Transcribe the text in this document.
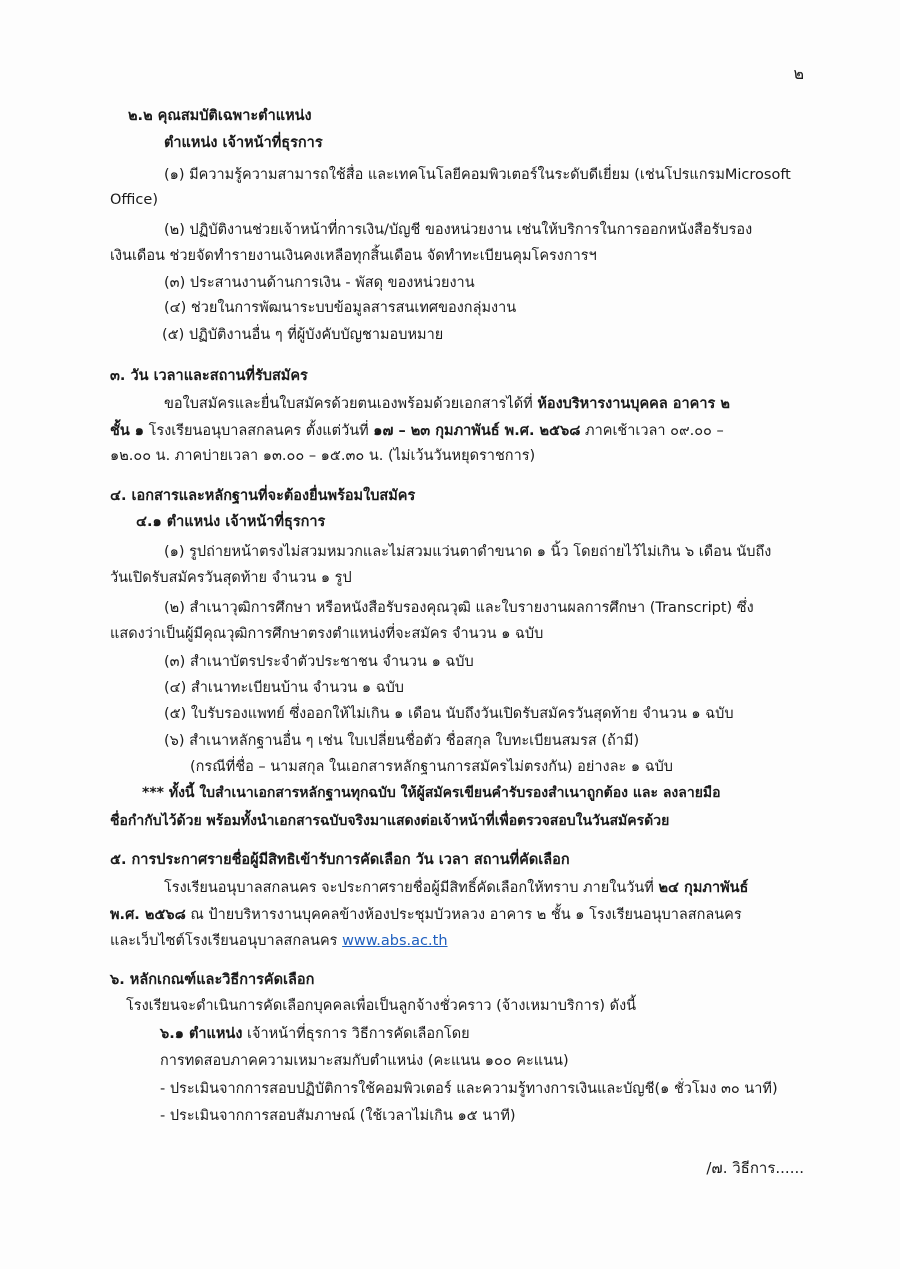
๒
๒.๒ คุณสมบัติเฉพาะตำแหน่ง
ตำแหน่ง เจ้าหน้าที่ธุรการ
(๑) มีความรู้ความสามารถใช้สื่อ และเทคโนโลยีคอมพิวเตอร์ในระดับดีเยี่ยม (เช่นโปรแกรมMicrosoft
Office)
(๒) ปฏิบัติงานช่วยเจ้าหน้าที่การเงิน/บัญชี ของหน่วยงาน เช่นให้บริการในการออกหนังสือรับรอง
เงินเดือน ช่วยจัดทำรายงานเงินคงเหลือทุกสิ้นเดือน จัดทำทะเบียนคุมโครงการฯ
(๓) ประสานงานด้านการเงิน - พัสดุ ของหน่วยงาน
(๔) ช่วยในการพัฒนาระบบข้อมูลสารสนเทศของกลุ่มงาน
(๕) ปฏิบัติงานอื่น ๆ ที่ผู้บังคับบัญชามอบหมาย
๓. วัน เวลาและสถานที่รับสมัคร
ขอใบสมัครและยื่นใบสมัครด้วยตนเองพร้อมด้วยเอกสารได้ที่ ห้องบริหารงานบุคคล อาคาร ๒
ชั้น ๑ โรงเรียนอนุบาลสกลนคร ตั้งแต่วันที่ ๑๗ – ๒๓ กุมภาพันธ์ พ.ศ. ๒๕๖๘ ภาคเช้าเวลา ๐๙.๐๐ –
๑๒.๐๐ น. ภาคบ่ายเวลา ๑๓.๐๐ – ๑๕.๓๐ น. (ไม่เว้นวันหยุดราชการ)
๔. เอกสารและหลักฐานที่จะต้องยื่นพร้อมใบสมัคร
๔.๑ ตำแหน่ง เจ้าหน้าที่ธุรการ
(๑) รูปถ่ายหน้าตรงไม่สวมหมวกและไม่สวมแว่นตาดำขนาด ๑ นิ้ว โดยถ่ายไว้ไม่เกิน ๖ เดือน นับถึง
วันเปิดรับสมัครวันสุดท้าย จำนวน ๑ รูป
(๒) สำเนาวุฒิการศึกษา หรือหนังสือรับรองคุณวุฒิ และใบรายงานผลการศึกษา (Transcript) ซึ่ง
แสดงว่าเป็นผู้มีคุณวุฒิการศึกษาตรงตำแหน่งที่จะสมัคร จำนวน ๑ ฉบับ
(๓) สำเนาบัตรประจำตัวประชาชน จำนวน ๑ ฉบับ
(๔) สำเนาทะเบียนบ้าน จำนวน ๑ ฉบับ
(๕) ใบรับรองแพทย์ ซึ่งออกให้ไม่เกิน ๑ เดือน นับถึงวันเปิดรับสมัครวันสุดท้าย จำนวน ๑ ฉบับ
(๖) สำเนาหลักฐานอื่น ๆ เช่น ใบเปลี่ยนชื่อตัว ชื่อสกุล ใบทะเบียนสมรส (ถ้ามี)
(กรณีที่ชื่อ – นามสกุล ในเอกสารหลักฐานการสมัครไม่ตรงกัน) อย่างละ ๑ ฉบับ
*** ทั้งนี้ ใบสำเนาเอกสารหลักฐานทุกฉบับ ให้ผู้สมัครเขียนคำรับรองสำเนาถูกต้อง และ ลงลายมือ
ชื่อกำกับไว้ด้วย พร้อมทั้งนำเอกสารฉบับจริงมาแสดงต่อเจ้าหน้าที่เพื่อตรวจสอบในวันสมัครด้วย
๕. การประกาศรายชื่อผู้มีสิทธิเข้ารับการคัดเลือก วัน เวลา สถานที่คัดเลือก
โรงเรียนอนุบาลสกลนคร จะประกาศรายชื่อผู้มีสิทธิ์คัดเลือกให้ทราบ ภายในวันที่ ๒๔ กุมภาพันธ์
พ.ศ. ๒๕๖๘ ณ ป้ายบริหารงานบุคคลข้างห้องประชุมบัวหลวง อาคาร ๒ ชั้น ๑ โรงเรียนอนุบาลสกลนคร
และเว็บไซต์โรงเรียนอนุบาลสกลนคร www.abs.ac.th
๖. หลักเกณฑ์และวิธีการคัดเลือก
โรงเรียนจะดำเนินการคัดเลือกบุคคลเพื่อเป็นลูกจ้างชั่วคราว (จ้างเหมาบริการ) ดังนี้
๖.๑ ตำแหน่ง เจ้าหน้าที่ธุรการ วิธีการคัดเลือกโดย
การทดสอบภาคความเหมาะสมกับตำแหน่ง (คะแนน ๑๐๐ คะแนน)
- ประเมินจากการสอบปฏิบัติการใช้คอมพิวเตอร์ และความรู้ทางการเงินและบัญชี(๑ ชั่วโมง ๓๐ นาที)
- ประเมินจากการสอบสัมภาษณ์ (ใช้เวลาไม่เกิน ๑๕ นาที)
/๗. วิธีการ......
